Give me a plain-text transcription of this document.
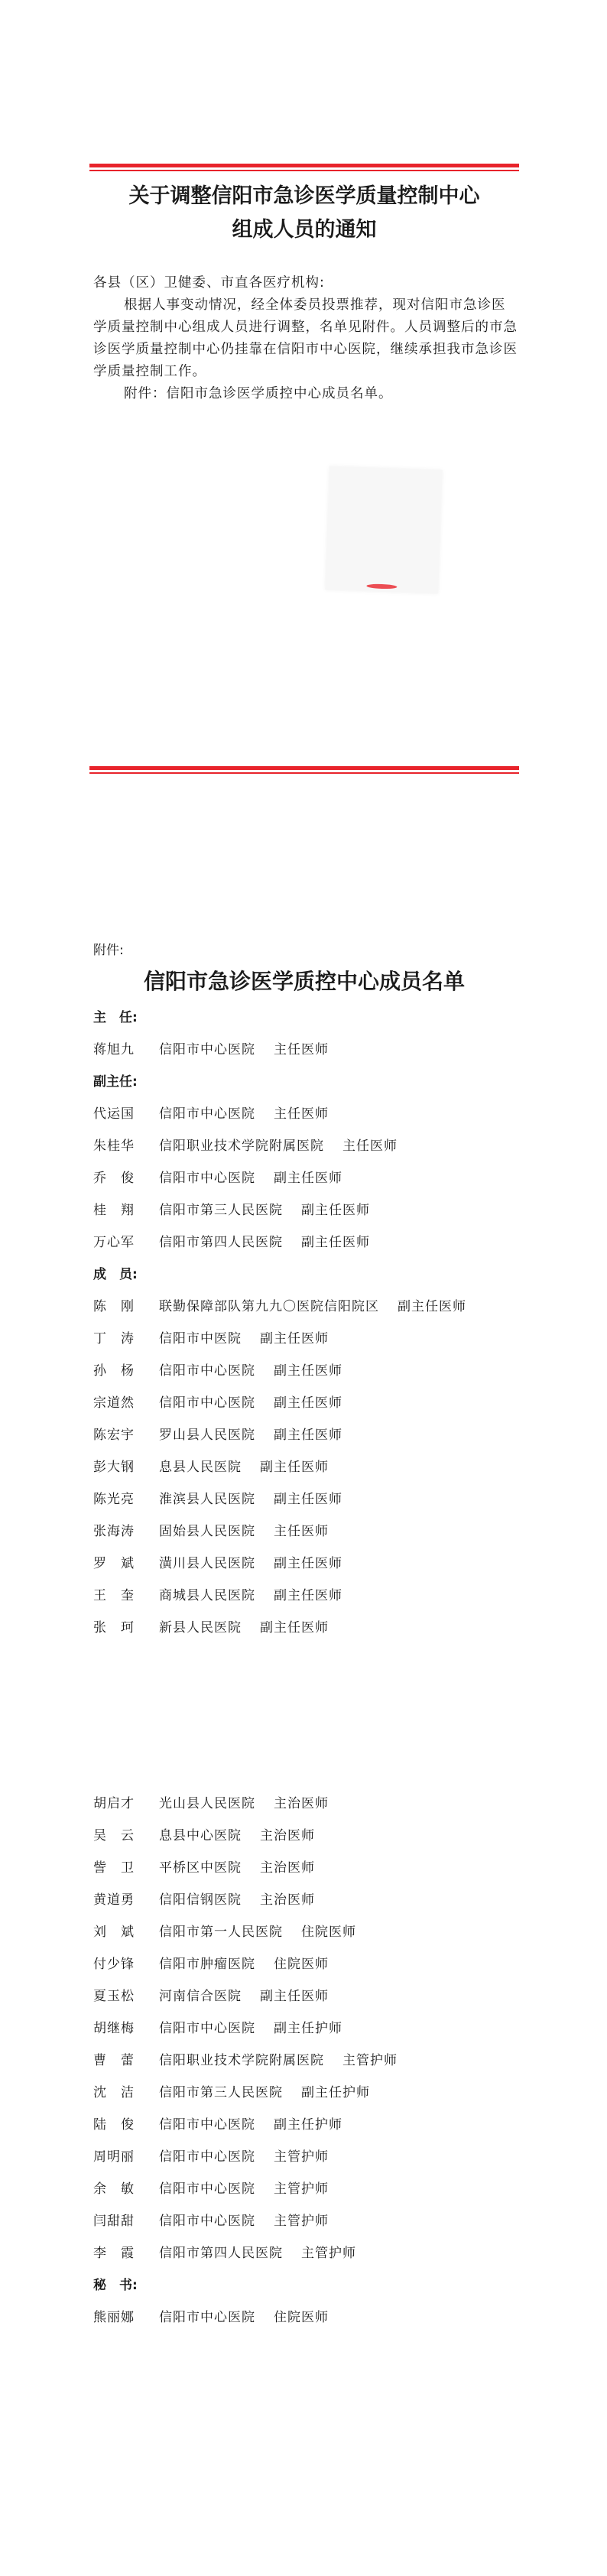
关于调整信阳市急诊医学质量控制中心
组成人员的通知

各县（区）卫健委、市直各医疗机构:

根据人事变动情况，经全体委员投票推荐，现对信阳市急诊医学质量控制中心组成人员进行调整，名单见附件。人员调整后的市急诊医学质量控制中心仍挂靠在信阳市中心医院，继续承担我市急诊医学质量控制工作。

附件：信阳市急诊医学质控中心成员名单。

附件:
信阳市急诊医学质控中心成员名单
主　任:
蒋旭九 信阳市中心医院 主任医师
副主任:
代运国 信阳市中心医院 主任医师
朱桂华 信阳职业技术学院附属医院 主任医师
乔　俊 信阳市中心医院 副主任医师
桂　翔 信阳市第三人民医院 副主任医师
万心军 信阳市第四人民医院 副主任医师
成　员:
陈　刚 联勤保障部队第九九〇医院信阳院区 副主任医师
丁　涛 信阳市中医院 副主任医师
孙　杨 信阳市中心医院 副主任医师
宗道然 信阳市中心医院 副主任医师
陈宏宇 罗山县人民医院 副主任医师
彭大钢 息县人民医院 副主任医师
陈光亮 淮滨县人民医院 副主任医师
张海涛 固始县人民医院 主任医师
罗　斌 潢川县人民医院 副主任医师
王　奎 商城县人民医院 副主任医师
张　珂 新县人民医院 副主任医师
胡启才 光山县人民医院 主治医师
吴　云 息县中心医院 主治医师
訾　卫 平桥区中医院 主治医师
黄道勇 信阳信钢医院 主治医师
刘　斌 信阳市第一人民医院 住院医师
付少锋 信阳市肿瘤医院 住院医师
夏玉松 河南信合医院 副主任医师
胡继梅 信阳市中心医院 副主任护师
曹　蕾 信阳职业技术学院附属医院 主管护师
沈　洁 信阳市第三人民医院 副主任护师
陆　俊 信阳市中心医院 副主任护师
周明丽 信阳市中心医院 主管护师
余　敏 信阳市中心医院 主管护师
闫甜甜 信阳市中心医院 主管护师
李　霞 信阳市第四人民医院 主管护师
秘　书:
熊丽娜 信阳市中心医院 住院医师
